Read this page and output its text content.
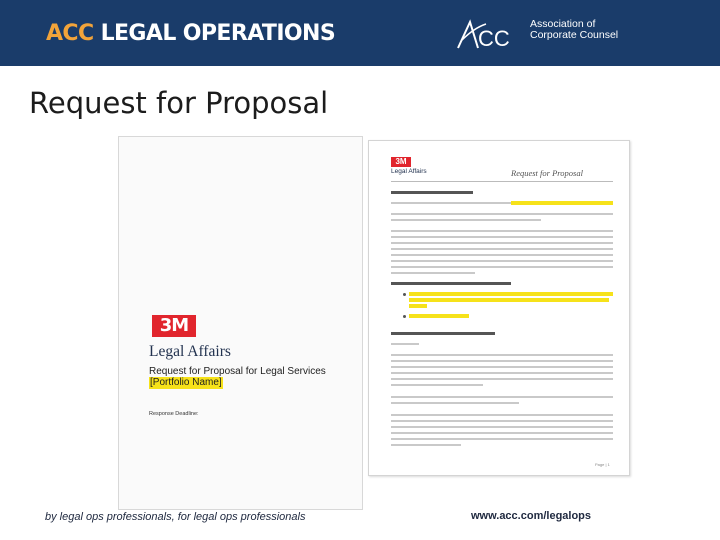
ACC LEGAL OPERATIONS	CC
Association of
Corporate Counsel
Request for Proposal
3M
Legal Affairs
Request for Proposal for Legal Services
[Portfolio Name]
Response Deadline:
3M
Legal Affairs	Request for Proposal
Page | 1
by legal ops professionals, for legal ops professionals	www.acc.com/legalops
